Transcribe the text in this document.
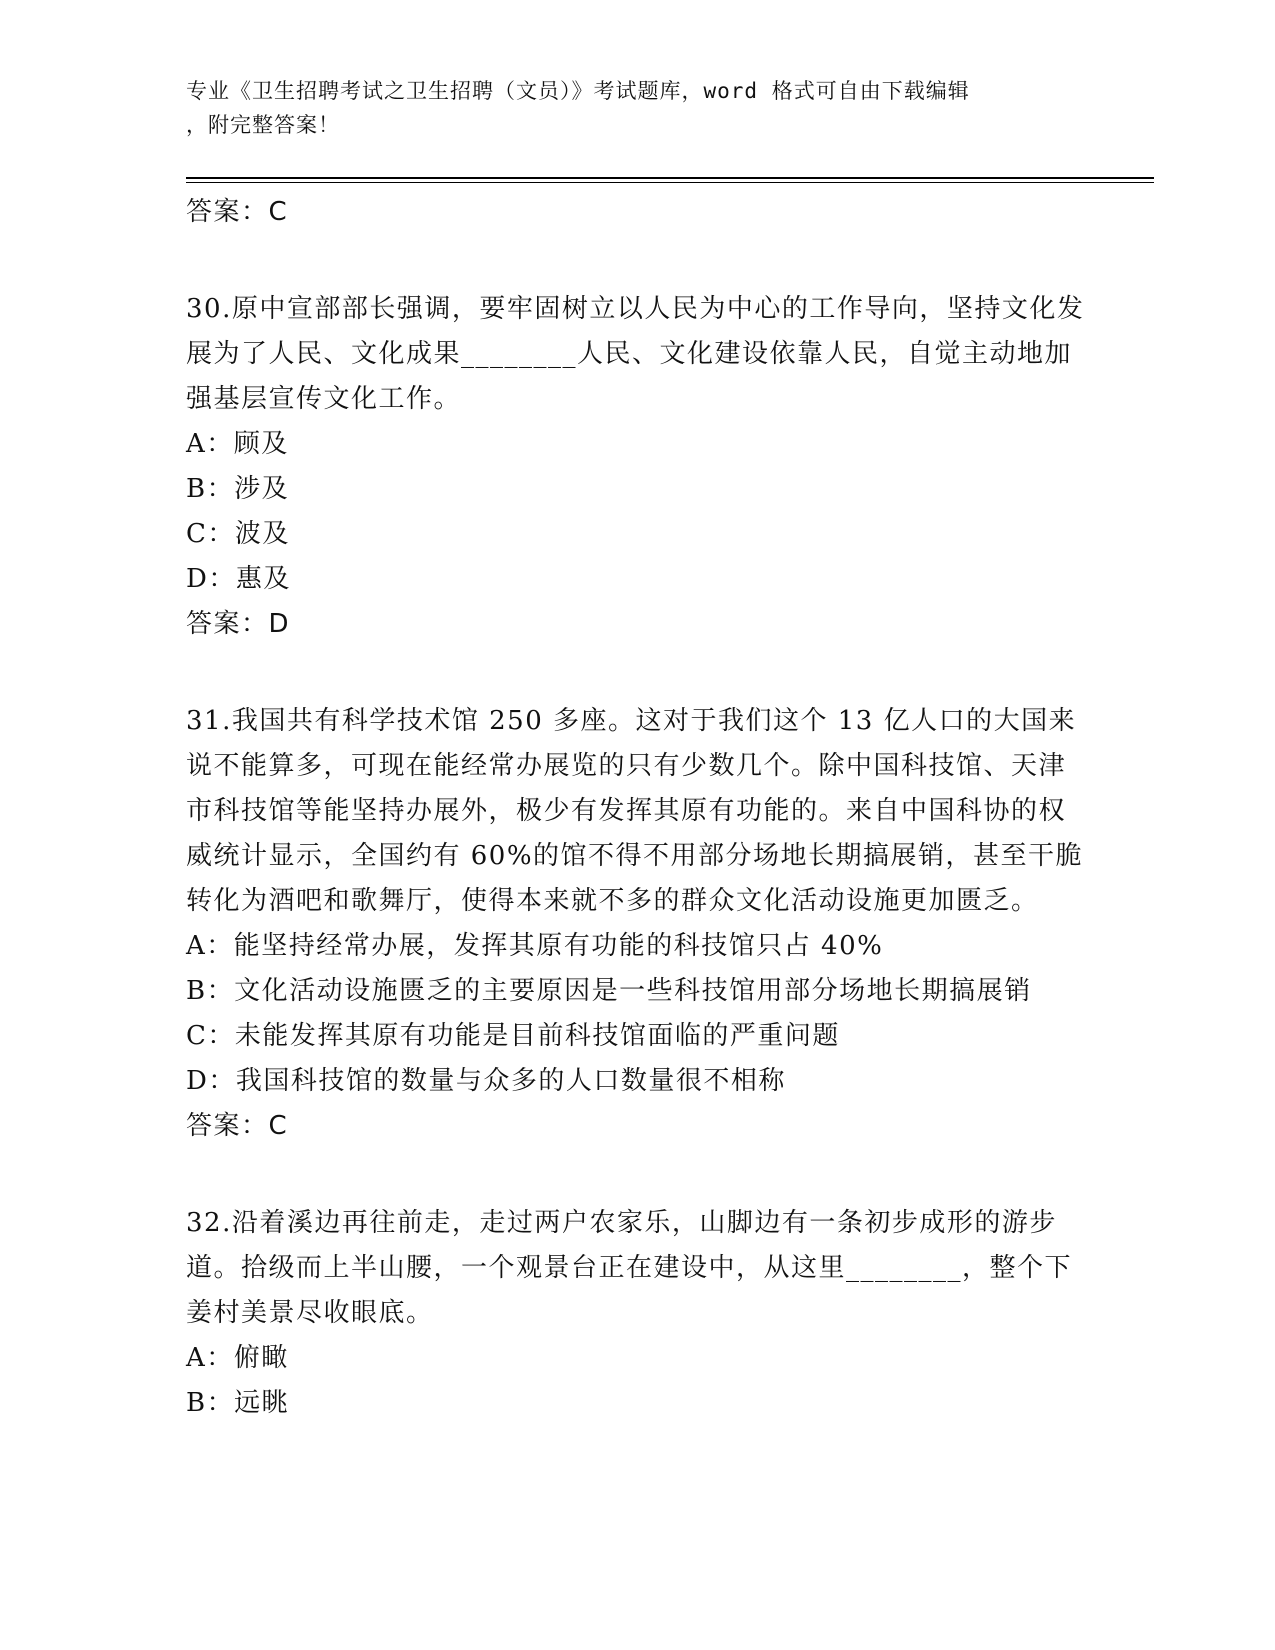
专业《卫生招聘考试之卫生招聘（文员）》考试题库，word 格式可自由下载编辑
，附完整答案！

答案：C

30.原中宣部部长强调，要牢固树立以人民为中心的工作导向，坚持文化发展为了人民、文化成果________人民、文化建设依靠人民，自觉主动地加强基层宣传文化工作。

A：顾及

B：涉及

C：波及

D：惠及

答案：D

31.我国共有科学技术馆 250 多座。这对于我们这个 13 亿人口的大国来说不能算多，可现在能经常办展览的只有少数几个。除中国科技馆、天津市科技馆等能坚持办展外，极少有发挥其原有功能的。来自中国科协的权威统计显示，全国约有 60%的馆不得不用部分场地长期搞展销，甚至干脆转化为酒吧和歌舞厅，使得本来就不多的群众文化活动设施更加匮乏。

A：能坚持经常办展，发挥其原有功能的科技馆只占 40%

B：文化活动设施匮乏的主要原因是一些科技馆用部分场地长期搞展销

C：未能发挥其原有功能是目前科技馆面临的严重问题

D：我国科技馆的数量与众多的人口数量很不相称

答案：C

32.沿着溪边再往前走，走过两户农家乐，山脚边有一条初步成形的游步道。拾级而上半山腰，一个观景台正在建设中，从这里________，整个下姜村美景尽收眼底。

A：俯瞰

B：远眺
